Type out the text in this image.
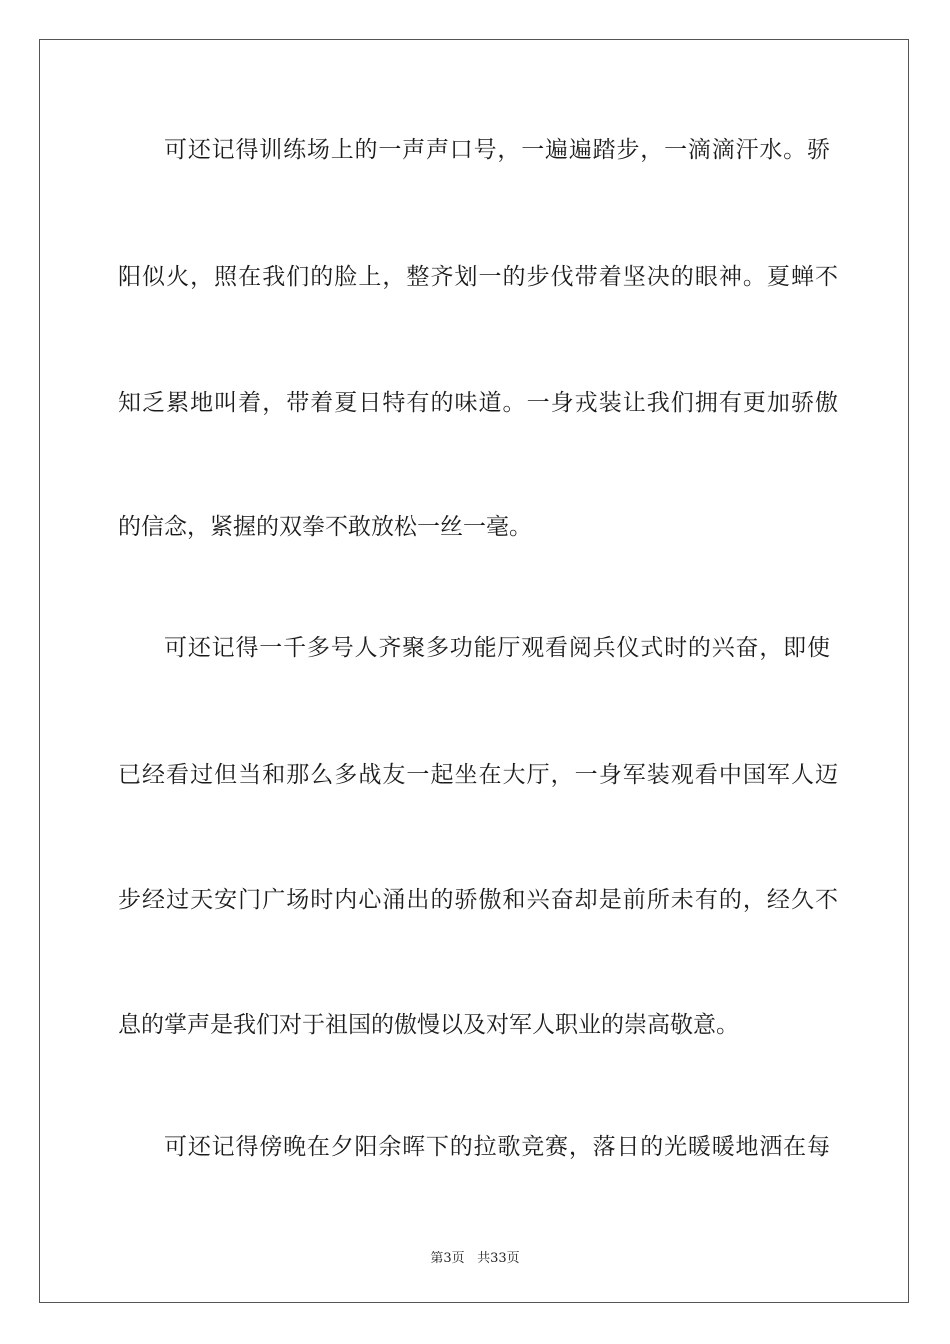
可还记得训练场上的一声声口号，一遍遍踏步，一滴滴汗水。骄
阳似火，照在我们的脸上，整齐划一的步伐带着坚决的眼神。夏蝉不
知乏累地叫着，带着夏日特有的味道。一身戎装让我们拥有更加骄傲
的信念，紧握的双拳不敢放松一丝一毫。
可还记得一千多号人齐聚多功能厅观看阅兵仪式时的兴奋，即使
已经看过但当和那么多战友一起坐在大厅，一身军装观看中国军人迈
步经过天安门广场时内心涌出的骄傲和兴奋却是前所未有的，经久不
息的掌声是我们对于祖国的傲慢以及对军人职业的崇高敬意。
可还记得傍晚在夕阳余晖下的拉歌竞赛，落日的光暖暖地洒在每
第3页 共33页
